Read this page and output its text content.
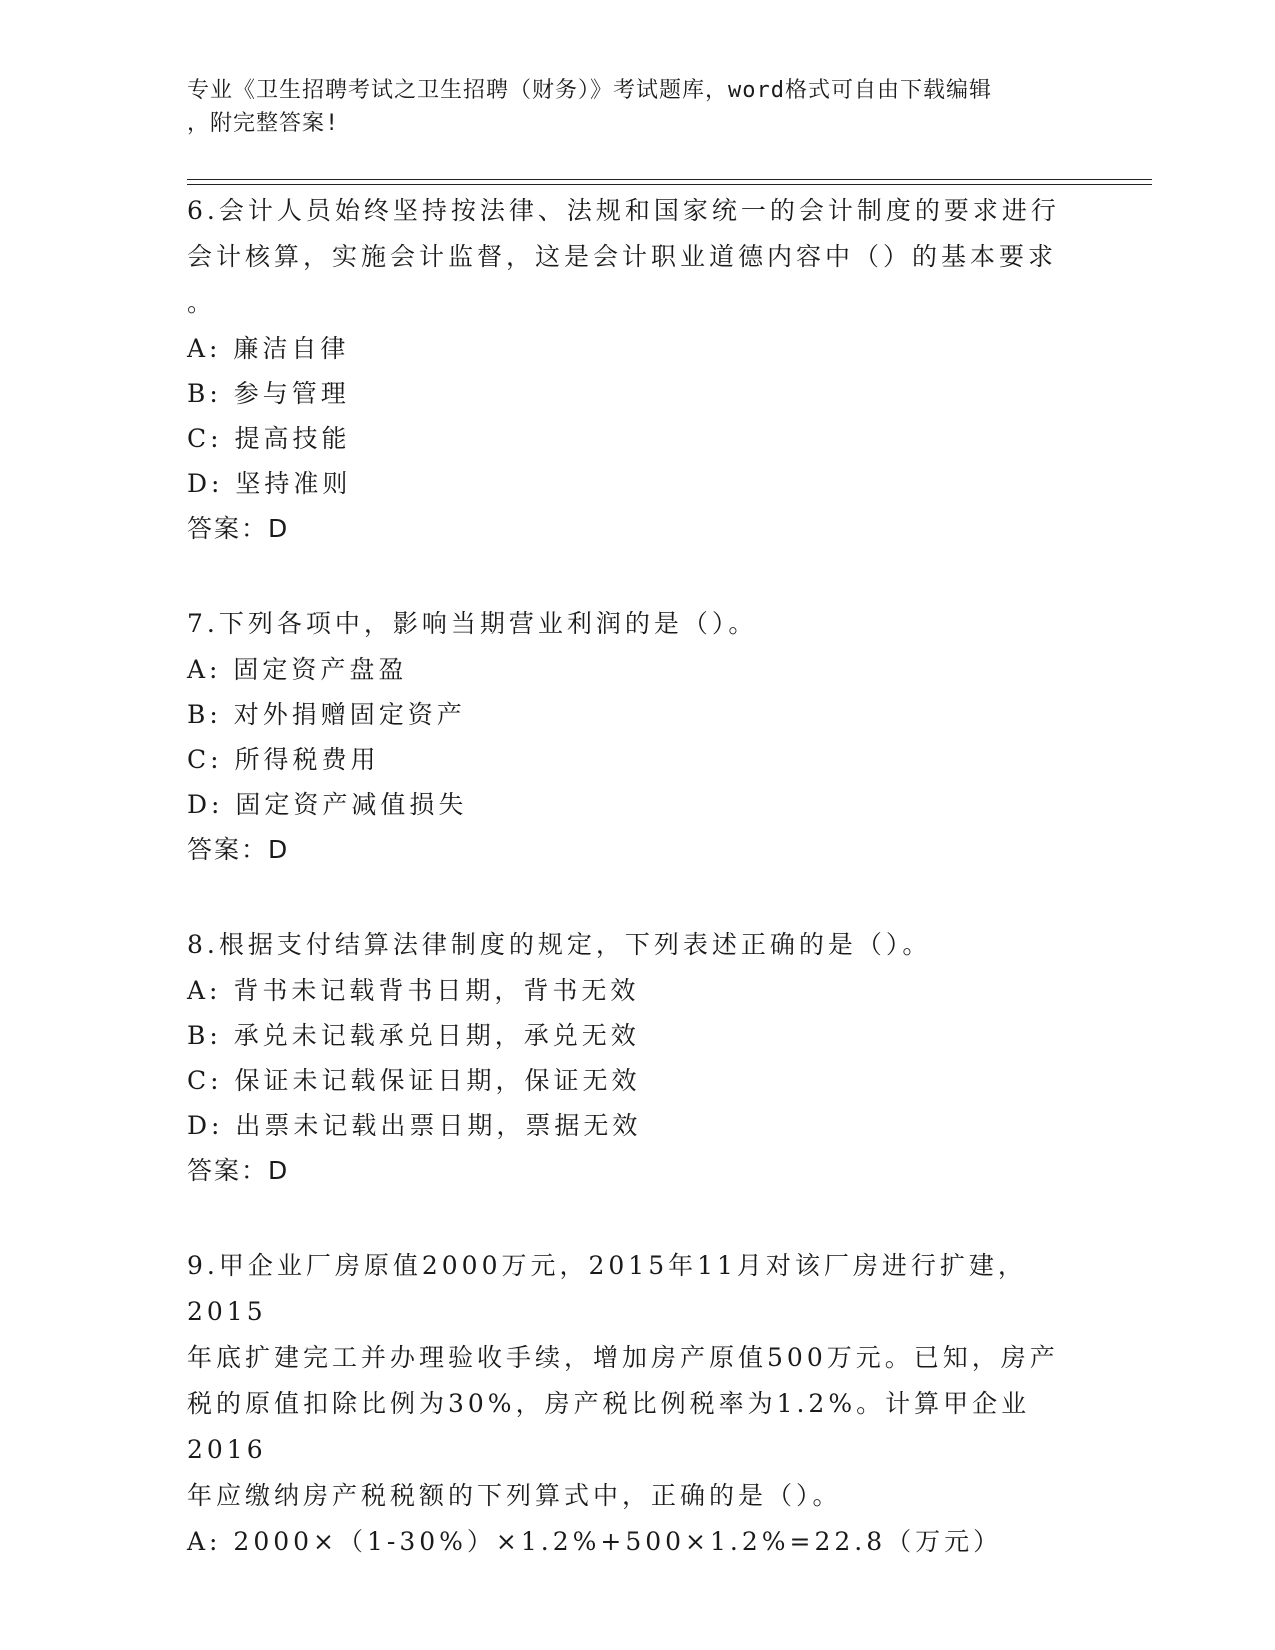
专业《卫生招聘考试之卫生招聘（财务）》考试题库，word格式可自由下载编辑
，附完整答案!

6.会计人员始终坚持按法律、法规和国家统一的会计制度的要求进行

会计核算，实施会计监督，这是会计职业道德内容中（）的基本要求

。

A: 廉洁自律

B: 参与管理

C: 提高技能

D: 坚持准则

答案：D

7.下列各项中，影响当期营业利润的是（）。

A: 固定资产盘盈

B: 对外捐赠固定资产

C: 所得税费用

D: 固定资产减值损失

答案：D

8.根据支付结算法律制度的规定，下列表述正确的是（）。

A: 背书未记载背书日期，背书无效

B: 承兑未记载承兑日期，承兑无效

C: 保证未记载保证日期，保证无效

D: 出票未记载出票日期，票据无效

答案：D

9.甲企业厂房原值2000万元，2015年11月对该厂房进行扩建，2015

年底扩建完工并办理验收手续，增加房产原值500万元。已知，房产

税的原值扣除比例为30%，房产税比例税率为1.2%。计算甲企业2016

年应缴纳房产税税额的下列算式中，正确的是（）。

A: 2000×（1-30%）×1.2%+500×1.2%=22.8（万元）
